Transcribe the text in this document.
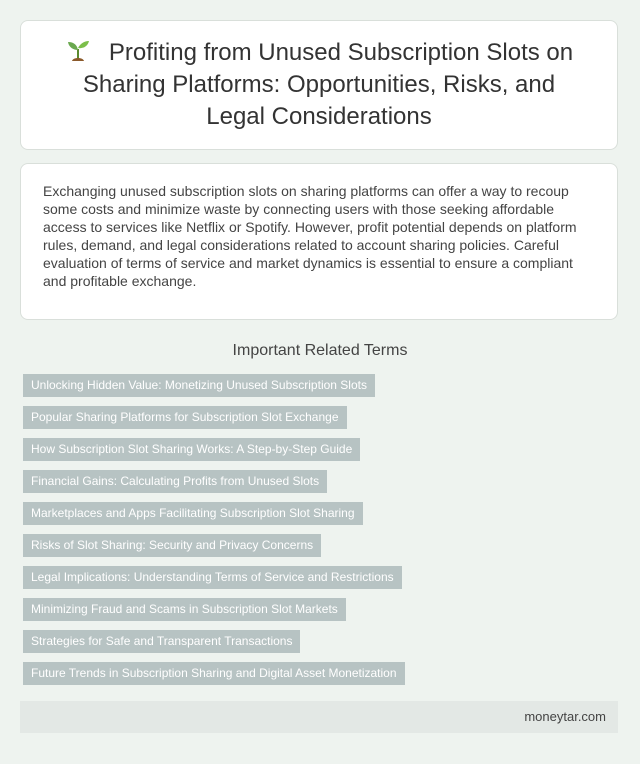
Profiting from Unused Subscription Slots on Sharing Platforms: Opportunities, Risks, and Legal Considerations

Exchanging unused subscription slots on sharing platforms can offer a way to recoup some costs and minimize waste by connecting users with those seeking affordable access to services like Netflix or Spotify. However, profit potential depends on platform rules, demand, and legal considerations related to account sharing policies. Careful evaluation of terms of service and market dynamics is essential to ensure a compliant and profitable exchange.

Important Related Terms
Unlocking Hidden Value: Monetizing Unused Subscription Slots
Popular Sharing Platforms for Subscription Slot Exchange
How Subscription Slot Sharing Works: A Step-by-Step Guide
Financial Gains: Calculating Profits from Unused Slots
Marketplaces and Apps Facilitating Subscription Slot Sharing
Risks of Slot Sharing: Security and Privacy Concerns
Legal Implications: Understanding Terms of Service and Restrictions
Minimizing Fraud and Scams in Subscription Slot Markets
Strategies for Safe and Transparent Transactions
Future Trends in Subscription Sharing and Digital Asset Monetization
moneytar.com
